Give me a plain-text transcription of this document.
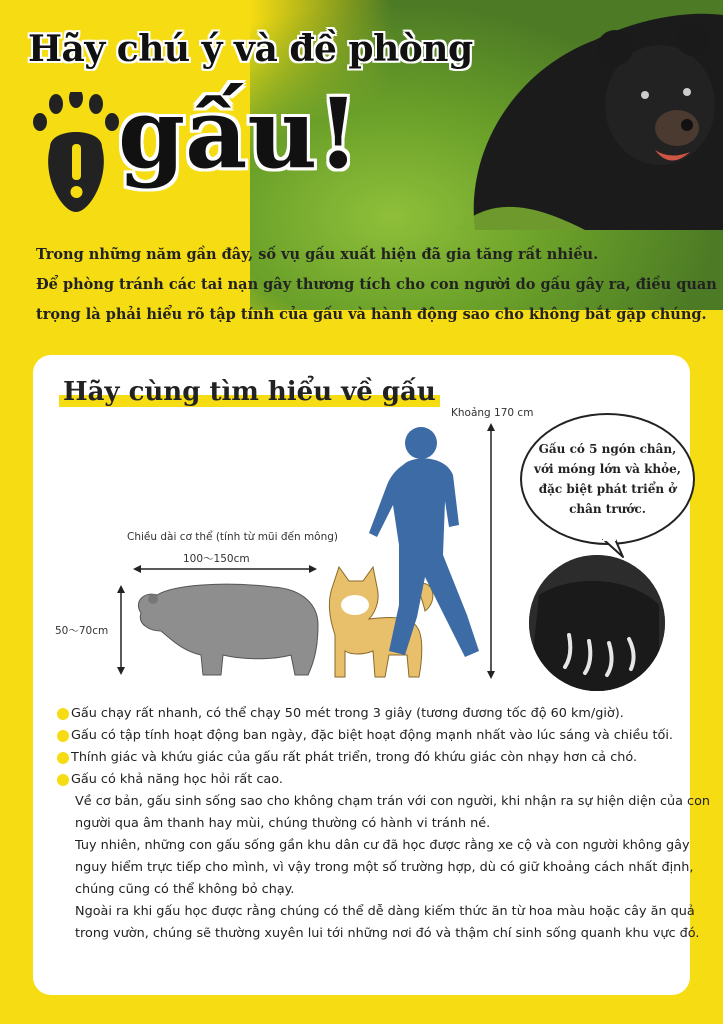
Hãy chú ý và đề phòng
gấu!
Trong những năm gần đây, số vụ gấu xuất hiện đã gia tăng rất nhiều.
Để phòng tránh các tai nạn gây thương tích cho con người do gấu gây ra, điều quan
trọng là phải hiểu rõ tập tính của gấu và hành động sao cho không bắt gặp chúng.
Hãy cùng tìm hiểu về gấu
Chiều dài cơ thể (tính từ mũi đến mông)
100〜150cm
50〜70cm
Khoảng 170 cm
Gấu có 5 ngón chân, với móng lớn và khỏe, đặc biệt phát triển ở chân trước.
Gấu chạy rất nhanh, có thể chạy 50 mét trong 3 giây (tương đương tốc độ 60 km/giờ).
Gấu có tập tính hoạt động ban ngày, đặc biệt hoạt động mạnh nhất vào lúc sáng và chiều tối.
Thính giác và khứu giác của gấu rất phát triển, trong đó khứu giác còn nhạy hơn cả chó.
Gấu có khả năng học hỏi rất cao.
Về cơ bản, gấu sinh sống sao cho không chạm trán với con người, khi nhận ra sự hiện diện của con
người qua âm thanh hay mùi, chúng thường có hành vi tránh né.
Tuy nhiên, những con gấu sống gần khu dân cư đã học được rằng xe cộ và con người không gây
nguy hiểm trực tiếp cho mình, vì vậy trong một số trường hợp, dù có giữ khoảng cách nhất định,
chúng cũng có thể không bỏ chạy.
Ngoài ra khi gấu học được rằng chúng có thể dễ dàng kiếm thức ăn từ hoa màu hoặc cây ăn quả
trong vườn, chúng sẽ thường xuyên lui tới những nơi đó và thậm chí sinh sống quanh khu vực đó.
